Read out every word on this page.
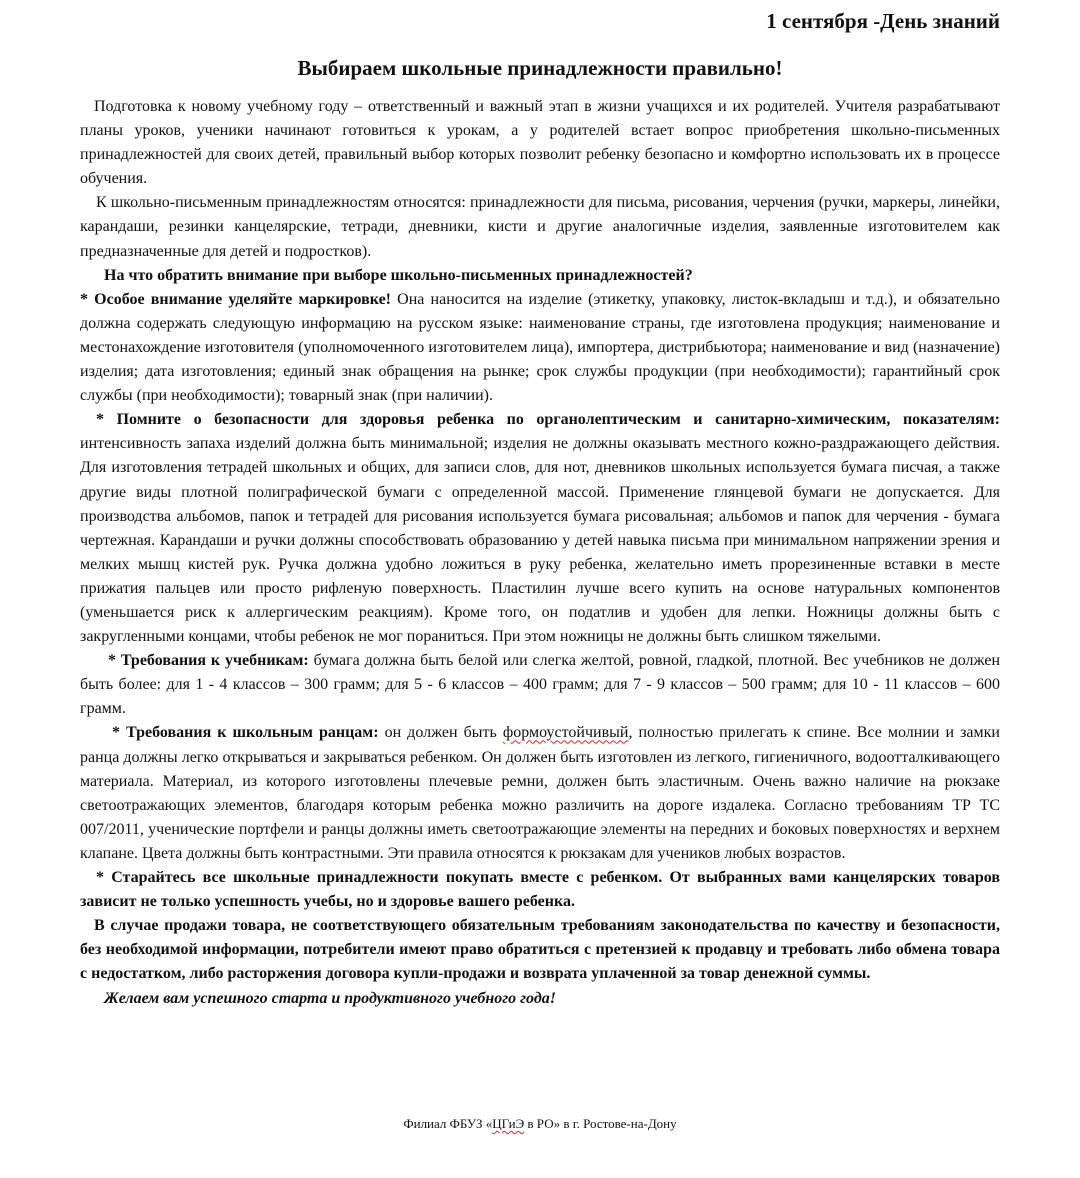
1 сентября -День знаний
Выбираем школьные принадлежности правильно!

Подготовка к новому учебному году – ответственный и важный этап в жизни учащихся и их родителей. Учителя разрабатывают планы уроков, ученики начинают готовиться к урокам, а у родителей встает вопрос приобретения школьно-письменных принадлежностей для своих детей, правильный выбор которых позволит ребенку безопасно и комфортно использовать их в процессе обучения.

К школьно-письменным принадлежностям относятся: принадлежности для письма, рисования, черчения (ручки, маркеры, линейки, карандаши, резинки канцелярские, тетради, дневники, кисти и другие аналогичные изделия, заявленные изготовителем как предназначенные для детей и подростков).

На что обратить внимание при выборе школьно-письменных принадлежностей?

* Особое внимание уделяйте маркировке! Она наносится на изделие (этикетку, упаковку, листок-вкладыш и т.д.), и обязательно должна содержать следующую информацию на русском языке: наименование страны, где изготовлена продукция; наименование и местонахождение изготовителя (уполномоченного изготовителем лица), импортера, дистрибьютора; наименование и вид (назначение) изделия; дата изготовления; единый знак обращения на рынке; срок службы продукции (при необходимости); гарантийный срок службы (при необходимости); товарный знак (при наличии).

* Помните о безопасности для здоровья ребенка по органолептическим и санитарно-химическим, показателям: интенсивность запаха изделий должна быть минимальной; изделия не должны оказывать местного кожно-раздражающего действия. Для изготовления тетрадей школьных и общих, для записи слов, для нот, дневников школьных используется бумага писчая, а также другие виды плотной полиграфической бумаги с определенной массой. Применение глянцевой бумаги не допускается. Для производства альбомов, папок и тетрадей для рисования используется бумага рисовальная; альбомов и папок для черчения - бумага чертежная. Карандаши и ручки должны способствовать образованию у детей навыка письма при минимальном напряжении зрения и мелких мышц кистей рук. Ручка должна удобно ложиться в руку ребенка, желательно иметь прорезиненные вставки в месте прижатия пальцев или просто рифленую поверхность. Пластилин лучше всего купить на основе натуральных компонентов (уменьшается риск к аллергическим реакциям). Кроме того, он податлив и удобен для лепки. Ножницы должны быть с закругленными концами, чтобы ребенок не мог пораниться. При этом ножницы не должны быть слишком тяжелыми.

* Требования к учебникам: бумага должна быть белой или слегка желтой, ровной, гладкой, плотной. Вес учебников не должен быть более: для 1 - 4 классов – 300 грамм; для 5 - 6 классов – 400 грамм; для 7 - 9 классов – 500 грамм; для 10 - 11 классов – 600 грамм.

* Требования к школьным ранцам: он должен быть формоустойчивый, полностью прилегать к спине. Все молнии и замки ранца должны легко открываться и закрываться ребенком. Он должен быть изготовлен из легкого, гигиеничного, водоотталкивающего материала. Материал, из которого изготовлены плечевые ремни, должен быть эластичным. Очень важно наличие на рюкзаке светоотражающих элементов, благодаря которым ребенка можно различить на дороге издалека. Согласно требованиям ТР ТС 007/2011, ученические портфели и ранцы должны иметь светоотражающие элементы на передних и боковых поверхностях и верхнем клапане. Цвета должны быть контрастными. Эти правила относятся к рюкзакам для учеников любых возрастов.

* Старайтесь все школьные принадлежности покупать вместе с ребенком. От выбранных вами канцелярских товаров зависит не только успешность учебы, но и здоровье вашего ребенка.

В случае продажи товара, не соответствующего обязательным требованиям законодательства по качеству и безопасности, без необходимой информации, потребители имеют право обратиться с претензией к продавцу и требовать либо обмена товара с недостатком, либо расторжения договора купли-продажи и возврата уплаченной за товар денежной суммы.

Желаем вам успешного старта и продуктивного учебного года!

Филиал ФБУЗ «ЦГиЭ в РО» в г. Ростове-на-Дону
